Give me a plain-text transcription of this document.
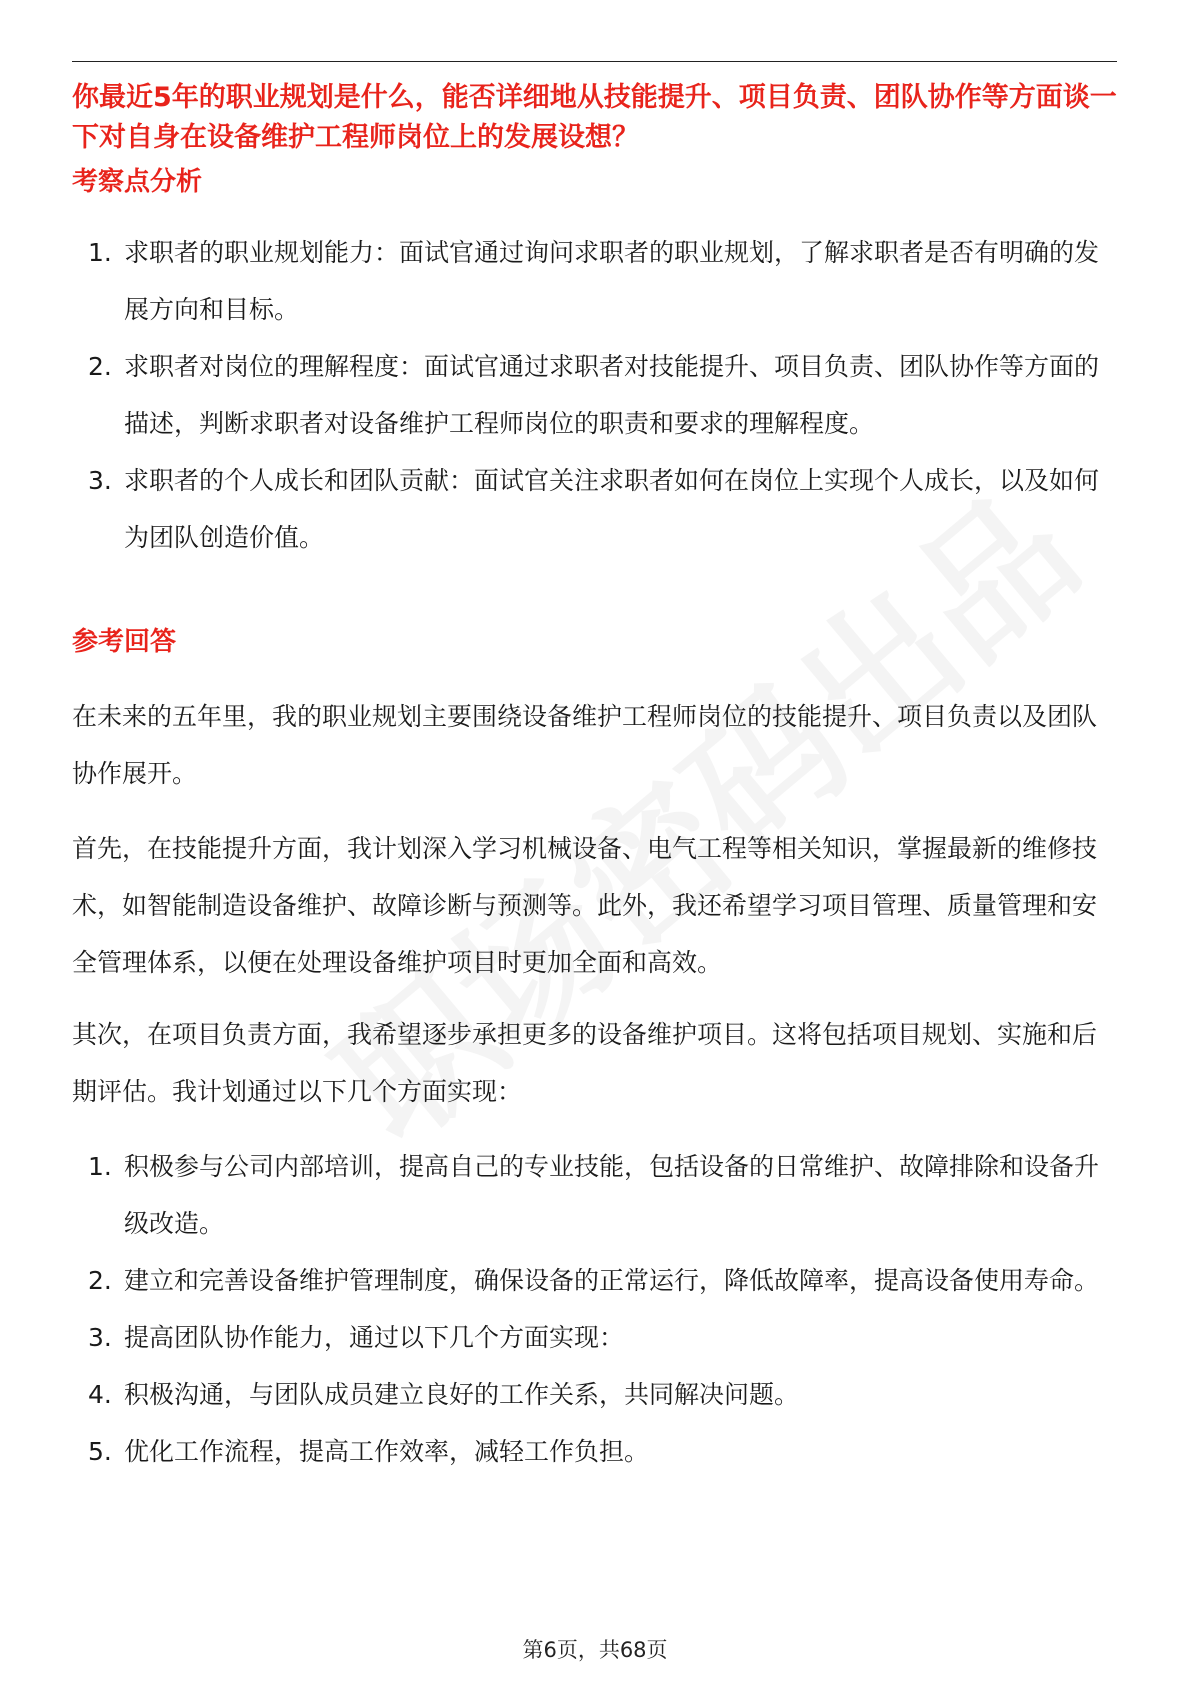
你最近5年的职业规划是什么，能否详细地从技能提升、项目负责、团队协作等方面谈一下对自身在设备维护工程师岗位上的发展设想？
考察点分析
1. 求职者的职业规划能力：面试官通过询问求职者的职业规划，了解求职者是否有明确的发展方向和目标。
2. 求职者对岗位的理解程度：面试官通过求职者对技能提升、项目负责、团队协作等方面的描述，判断求职者对设备维护工程师岗位的职责和要求的理解程度。
3. 求职者的个人成长和团队贡献：面试官关注求职者如何在岗位上实现个人成长，以及如何为团队创造价值。
参考回答

在未来的五年里，我的职业规划主要围绕设备维护工程师岗位的技能提升、项目负责以及团队协作展开。

首先，在技能提升方面，我计划深入学习机械设备、电气工程等相关知识，掌握最新的维修技术，如智能制造设备维护、故障诊断与预测等。此外，我还希望学习项目管理、质量管理和安全管理体系，以便在处理设备维护项目时更加全面和高效。

其次，在项目负责方面，我希望逐步承担更多的设备维护项目。这将包括项目规划、实施和后期评估。我计划通过以下几个方面实现：

1. 积极参与公司内部培训，提高自己的专业技能，包括设备的日常维护、故障排除和设备升级改造。
2. 建立和完善设备维护管理制度，确保设备的正常运行，降低故障率，提高设备使用寿命。
3. 提高团队协作能力，通过以下几个方面实现：
4. 积极沟通，与团队成员建立良好的工作关系，共同解决问题。
5. 优化工作流程，提高工作效率，减轻工作负担。
第6页，共68页
